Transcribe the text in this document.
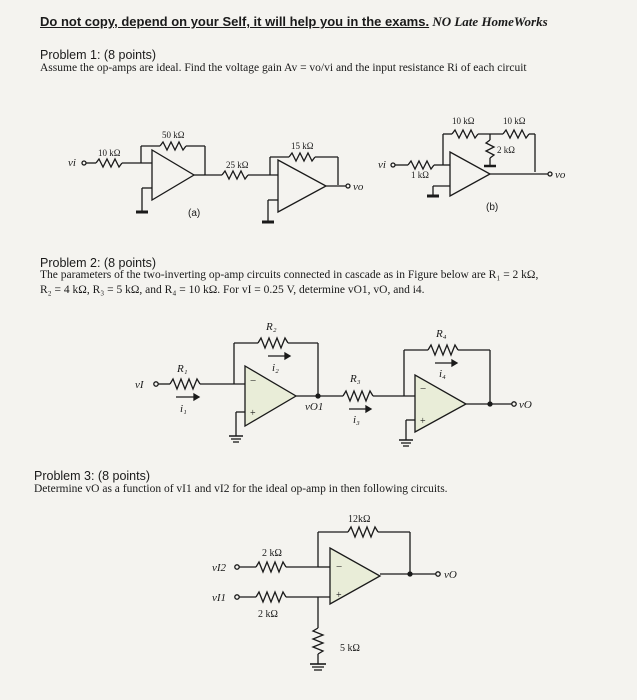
Do not copy, depend on your Self, it will help you in the exams. NO Late HomeWorks
Problem 1: (8 points)
Assume the op-amps are ideal. Find the voltage gain Av = vo/vi and the input resistance Ri of each circuit
Problem 2: (8 points)
The parameters of the two-inverting op-amp circuits connected in cascade as in Figure below are R₁ = 2 kΩ,
R₂ = 4 kΩ, R₃ = 5 kΩ, and R₄ = 10 kΩ. For vI = 0.25 V, determine vO1, vO, and i4.
Problem 3: (8 points)
Determine vO as a function of vI1 and vI2 for the ideal op-amp in then following circuits.
10 kΩ
50 kΩ
25 kΩ
15 kΩ
vi
vo
(a)
1 kΩ
10 kΩ	10 kΩ
2 kΩ
vi
vo
(b)
R₁
R₂
R₃
R₄
i₁
i₂
i₃
i₄
vI
vO1	vO
−
+
−
+
12kΩ
2 kΩ
2 kΩ
5 kΩ
vI2
vI1
vO
−
+
